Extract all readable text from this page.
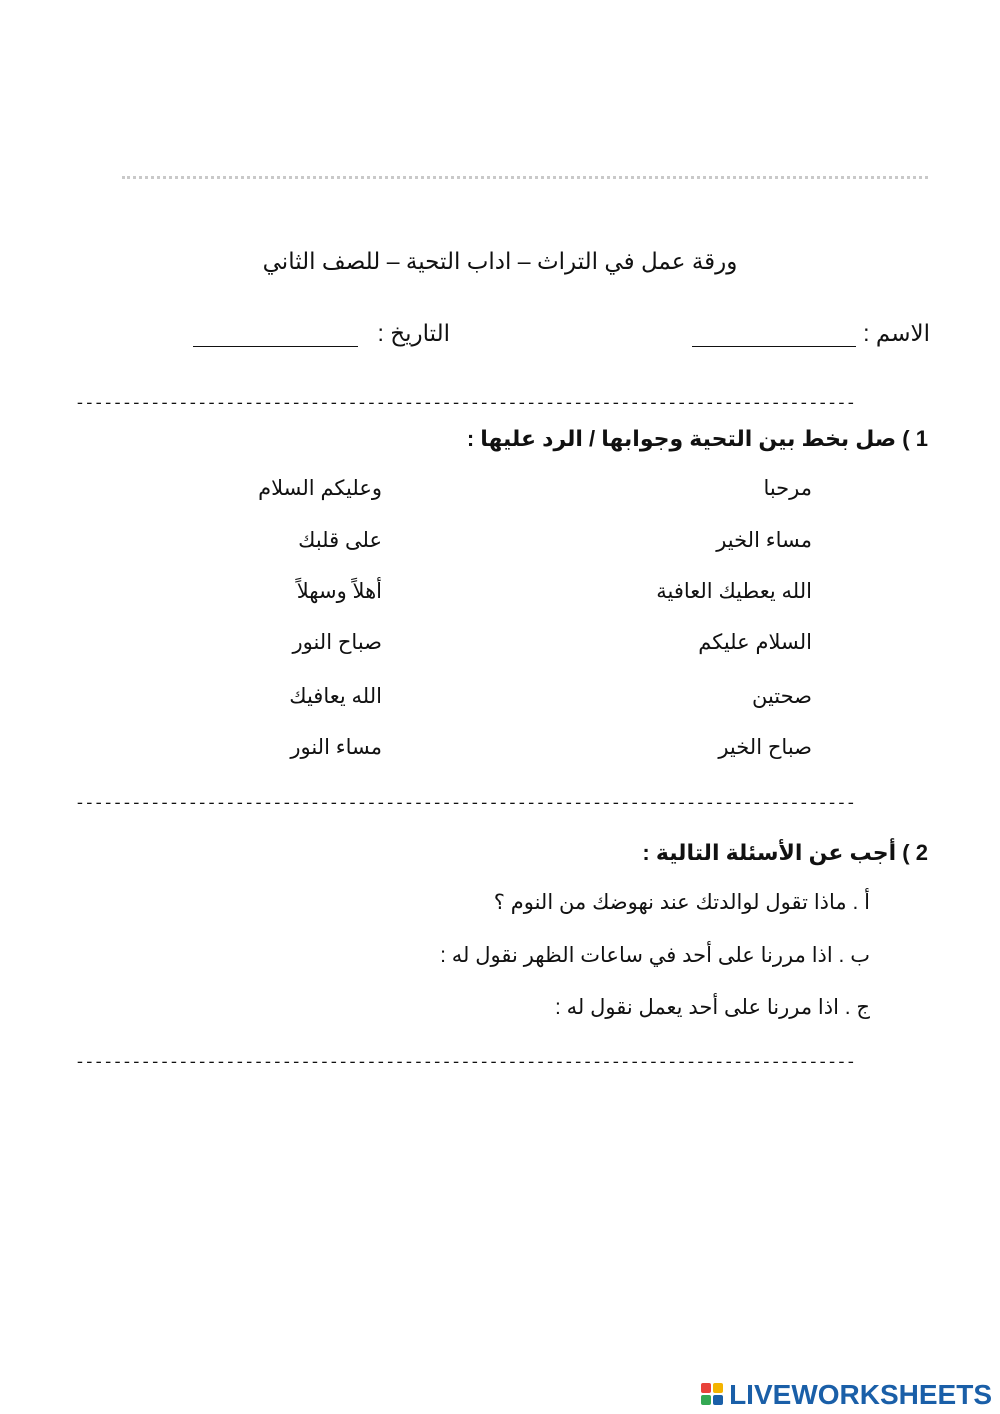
ورقة عمل في التراث – اداب التحية – للصف الثاني
الاسم :
التاريخ :
-----------------------------------------------------------------------------------
1 ) صل بخط بين التحية وجوابها / الرد عليها :
مرحبا
مساء الخير
الله يعطيك العافية
السلام عليكم
صحتين
صباح الخير
وعليكم السلام
على قلبك
أهلاً وسهلاً
صباح النور
الله يعافيك
مساء النور
-----------------------------------------------------------------------------------
2 ) أجب عن الأسئلة التالية :
أ . ماذا تقول لوالدتك عند نهوضك من النوم ؟
ب . اذا مررنا على أحد في ساعات الظهر نقول له :
ج . اذا مررنا على أحد يعمل نقول له :
-----------------------------------------------------------------------------------
LIVEWORKSHEETS
